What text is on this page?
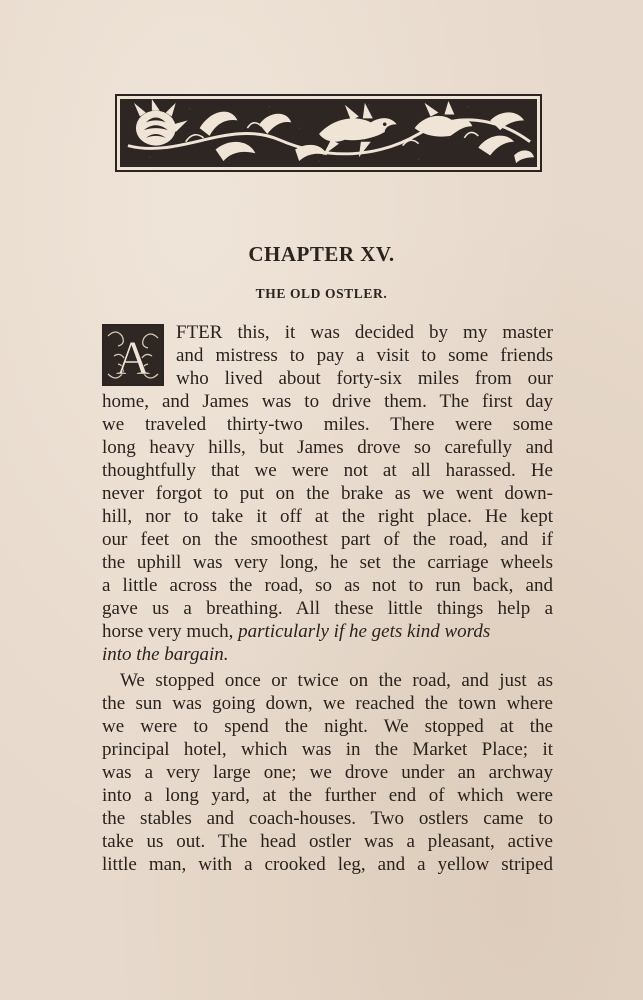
CHAPTER XV.
THE OLD OSTLER.
A FTER this, it was decided by my master

and mistress to pay a visit to some friends

who lived about forty-six miles from our

home, and James was to drive them. The first day

we traveled thirty-two miles. There were some

long heavy hills, but James drove so carefully and

thoughtfully that we were not at all harassed. He

never forgot to put on the brake as we went down-

hill, nor to take it off at the right place. He kept

our feet on the smoothest part of the road, and if

the uphill was very long, he set the carriage wheels

a little across the road, so as not to run back, and

gave us a breathing. All these little things help a

horse very much, particularly if he gets kind words

into the bargain.

We stopped once or twice on the road, and just as

the sun was going down, we reached the town where

we were to spend the night. We stopped at the

principal hotel, which was in the Market Place; it

was a very large one; we drove under an archway

into a long yard, at the further end of which were

the stables and coach-houses. Two ostlers came to

take us out. The head ostler was a pleasant, active

little man, with a crooked leg, and a yellow striped
